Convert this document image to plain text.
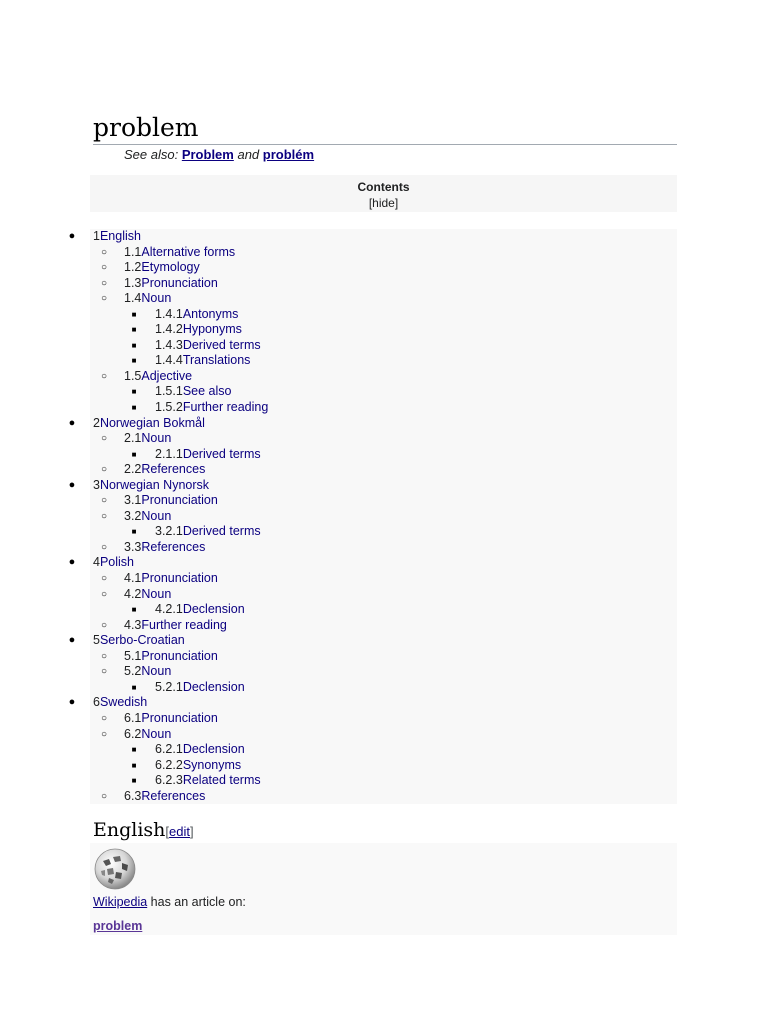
problem
See also: Problem and problém
Contents
[hide]
● 1English
○ 1.1Alternative forms
○ 1.2Etymology
○ 1.3Pronunciation
○ 1.4Noun
■ 1.4.1Antonyms
■ 1.4.2Hyponyms
■ 1.4.3Derived terms
■ 1.4.4Translations
○ 1.5Adjective
■ 1.5.1See also
■ 1.5.2Further reading
● 2Norwegian Bokmål
○ 2.1Noun
■ 2.1.1Derived terms
○ 2.2References
● 3Norwegian Nynorsk
○ 3.1Pronunciation
○ 3.2Noun
■ 3.2.1Derived terms
○ 3.3References
● 4Polish
○ 4.1Pronunciation
○ 4.2Noun
■ 4.2.1Declension
○ 4.3Further reading
● 5Serbo-Croatian
○ 5.1Pronunciation
○ 5.2Noun
■ 5.2.1Declension
● 6Swedish
○ 6.1Pronunciation
○ 6.2Noun
■ 6.2.1Declension
■ 6.2.2Synonyms
■ 6.2.3Related terms
○ 6.3References
English[edit]
Wikipedia has an article on:
problem
